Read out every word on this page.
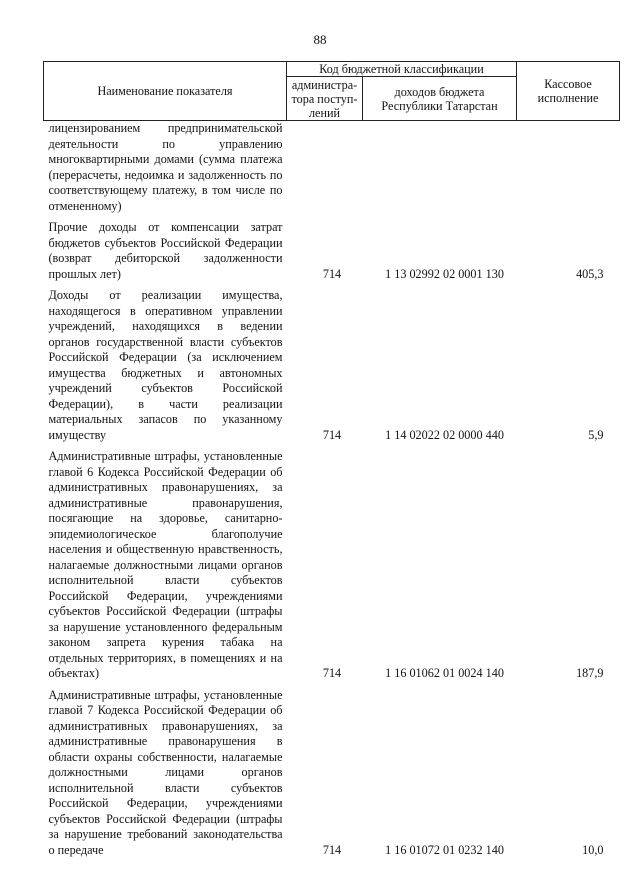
88
Наименование показателя	Код бюджетной классификации		Кассовое
исполнение
	администра-
тора поступ-
лений	доходов бюджета
Республики Татарстан	
лицензированием предпринимательской деятельности по управлению многоквартирными домами (сумма платежа (перерасчеты, недоимка и задолженность по соответствующему платежу, в том числе по отмененному)			
Прочие доходы от компенсации затрат бюджетов субъектов Российской Федерации (возврат дебиторской задолженности прошлых лет)	714	1 13 02992 02 0001 130	405,3
Доходы от реализации имущества, находящегося в оперативном управлении учреждений, находящихся в ведении органов государственной власти субъектов Российской Федерации (за исключением имущества бюджетных и автономных учреждений субъектов Российской Федерации), в части реализации материальных запасов по указанному имуществу	714	1 14 02022 02 0000 440	5,9
Административные штрафы, установленные главой 6 Кодекса Российской Федерации об административных правонарушениях, за административные правонарушения, посягающие на здоровье, санитарно-эпидемиологическое благополучие населения и общественную нравственность, налагаемые должностными лицами органов исполнительной власти субъектов Российской Федерации, учреждениями субъектов Российской Федерации (штрафы за нарушение установленного федеральным законом запрета курения табака на отдельных территориях, в помещениях и на объектах)	714	1 16 01062 01 0024 140	187,9
Административные штрафы, установленные главой 7 Кодекса Российской Федерации об административных правонарушениях, за административные правонарушения в области охраны собственности, налагаемые должностными лицами органов исполнительной власти субъектов Российской Федерации, учреждениями субъектов Российской Федерации (штрафы за нарушение требований законодательства о передаче	714	1 16 01072 01 0232 140	10,0
